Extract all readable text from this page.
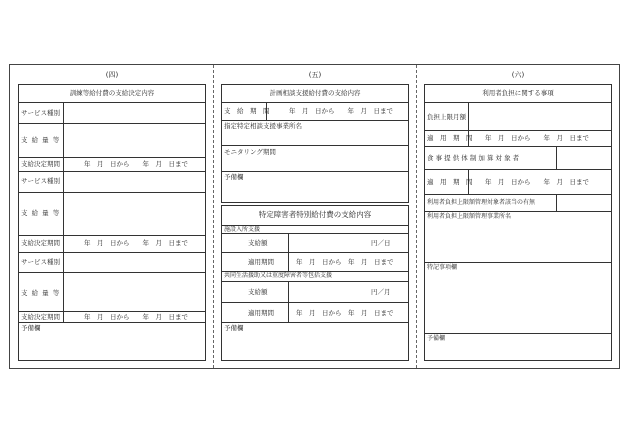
(四)
訓練等給付費の支給決定内容
サービス種別
支 給 量 等
支給決定期間	年　月　日から　　年　月　日まで
サービス種別
支 給 量 等
支給決定期間	年　月　日から　　年　月　日まで
サービス種別
支 給 量 等
支給決定期間	年　月　日から　　年　月　日まで
予備欄
(五)
計画相談支援給付費の支給内容
支　給　期　間	年　月　日から　　年　月　日まで
指定特定相談支援事業所名
モニタリング期間
予備欄
特定障害者特別給付費の支給内容
施設入所支援
支給額	円／日
適用期間	年　月　日から　年　月　日まで
共同生活援助又は重度障害者等包括支援
支給額	円／月
適用期間	年　月　日から　年　月　日まで
予備欄
(六)
利用者負担に関する事項
負担上限月額
適　用　期　間 年　月　日から　　年　月　日まで
食 事 提 供 体 制 加 算 対 象 者
適　用　期　間 年　月　日から　　年　月　日まで
利用者負担上限額管理対象者該当の有無
利用者負担上限額管理事業所名
特記事項欄
予備欄
